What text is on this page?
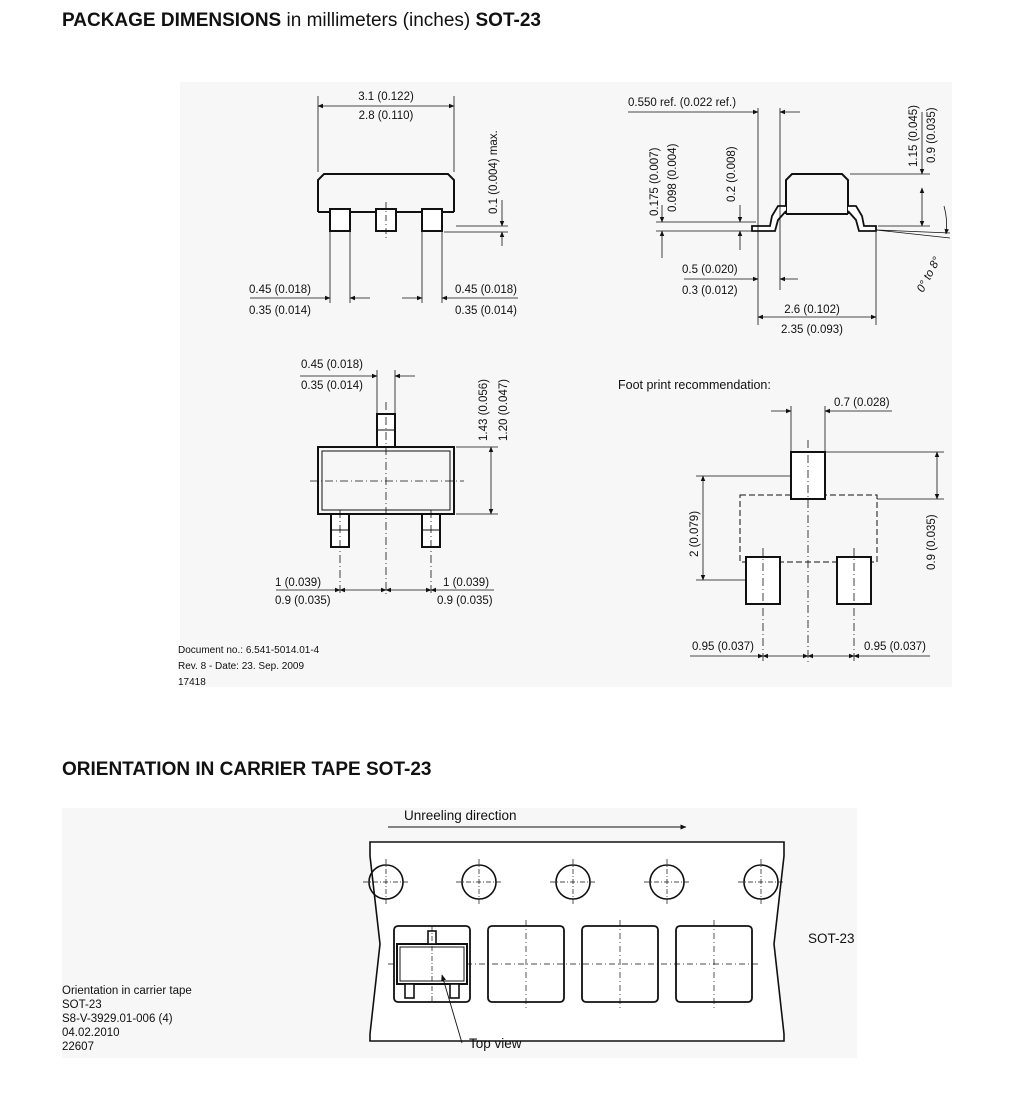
PACKAGE DIMENSIONS in millimeters (inches) SOT-23
ORIENTATION IN CARRIER TAPE SOT-23
3.1 (0.122)
2.8 (0.110)
0.1 (0.004) max.
0.45 (0.018)
0.35 (0.014)
0.45 (0.018)
0.35 (0.014)
0.550 ref. (0.022 ref.)
0.175 (0.007) 0.098 (0.004)	0.2 (0.008)
1.15 (0.045) 0.9 (0.035)
0.5 (0.020)
0.3 (0.012)
2.6 (0.102)
2.35 (0.093)
0° to 8°
0.45 (0.018)
0.35 (0.014)	1.43 (0.056) 1.20 (0.047)
1 (0.039)
0.9 (0.035)
1 (0.039)
0.9 (0.035)
Foot print recommendation:
0.7 (0.028)
2 (0.079)	0.9 (0.035)
0.95 (0.037)	0.95 (0.037)
Document no.: 6.541-5014.01-4
Rev. 8 - Date: 23. Sep. 2009
17418
Unreeling direction
Top view
SOT-23
Orientation in carrier tape
SOT-23
S8-V-3929.01-006 (4)
04.02.2010
22607
